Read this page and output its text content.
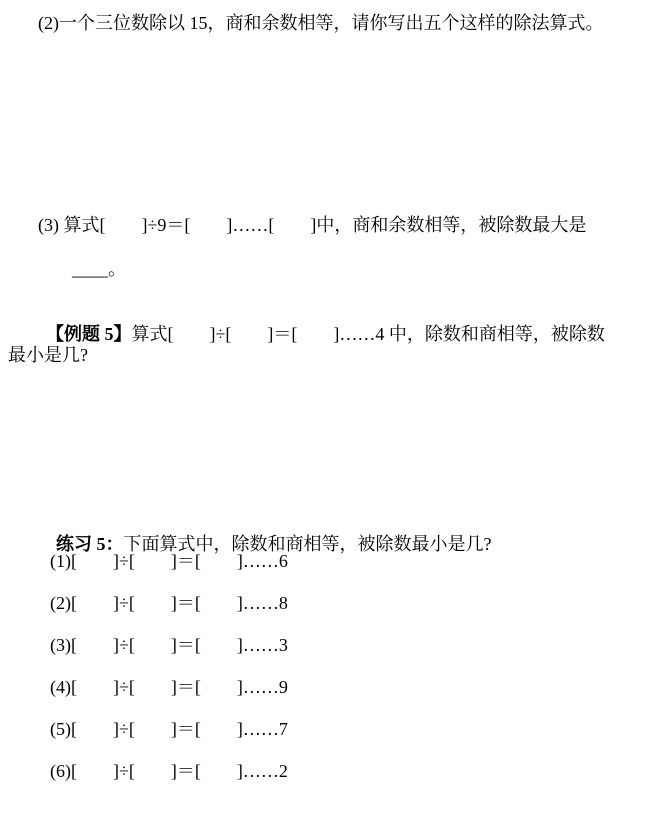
(2)一个三位数除以 15，商和余数相等，请你写出五个这样的除法算式。
(3) 算式[　　]÷9＝[　　]……[　　]中，商和余数相等，被除数最大是
____。

【例题 5】算式[　　]÷[　　]＝[　　]……4 中，除数和商相等，被除数

最小是几?

练习 5：下面算式中，除数和商相等，被除数最小是几?

(1)[　　]÷[　　]＝[　　]……6
(2)[　　]÷[　　]＝[　　]……8
(3)[　　]÷[　　]＝[　　]……3
(4)[　　]÷[　　]＝[　　]……9
(5)[　　]÷[　　]＝[　　]……7
(6)[　　]÷[　　]＝[　　]……2
